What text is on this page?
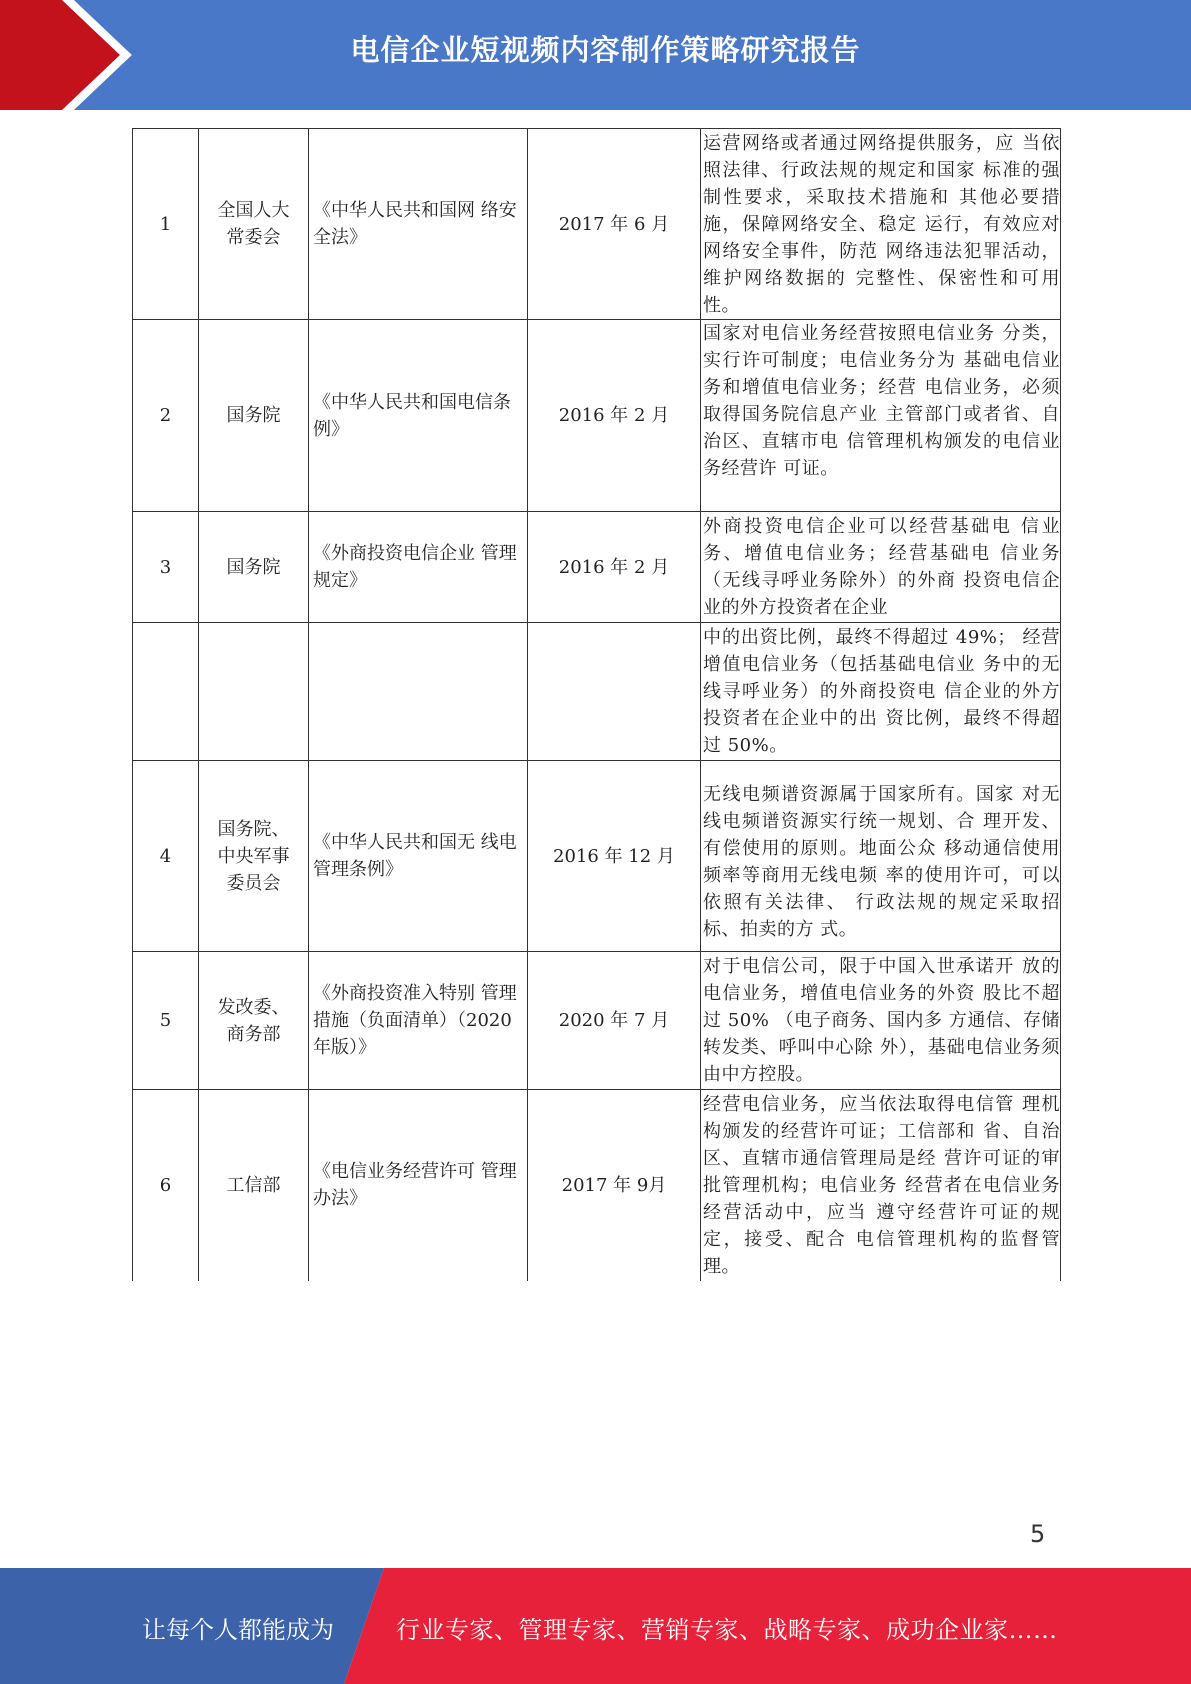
电信企业短视频内容制作策略研究报告
1	全国人大常委会	《中华人民共和国网 络安全法》	2017 年 6 月	运营网络或者通过网络提供服务，应 当依照法律、行政法规的规定和国家 标准的强制性要求，采取技术措施和 其他必要措施，保障网络安全、稳定 运行，有效应对网络安全事件，防范 网络违法犯罪活动，维护网络数据的 完整性、保密性和可用性。

2	国务院	《中华人民共和国电信条例》	2016 年 2 月	国家对电信业务经营按照电信业务 分类，实行许可制度；电信业务分为 基础电信业务和增值电信业务；经营 电信业务，必须取得国务院信息产业 主管部门或者省、自治区、直辖市电 信管理机构颁发的电信业务经营许 可证。

3	国务院	《外商投资电信企业 管理规定》	2016 年 2 月	外商投资电信企业可以经营基础电 信业务、增值电信业务；经营基础电 信业务（无线寻呼业务除外）的外商 投资电信企业的外方投资者在企业

				中的出资比例，最终不得超过 49%； 经营增值电信业务（包括基础电信业 务中的无线寻呼业务）的外商投资电 信企业的外方投资者在企业中的出 资比例，最终不得超过 50%。

4	国务院、中央军事委员会	《中华人民共和国无 线电管理条例》	2016 年 12 月	无线电频谱资源属于国家所有。国家 对无线电频谱资源实行统一规划、合 理开发、有偿使用的原则。地面公众 移动通信使用频率等商用无线电频 率的使用许可，可以依照有关法律、 行政法规的规定采取招标、拍卖的方 式。

5	发改委、商务部	《外商投资准入特别 管理措施（负面清单）（2020 年版）》	2020 年 7 月	对于电信公司，限于中国入世承诺开 放的电信业务，增值电信业务的外资 股比不超过 50% （电子商务、国内多 方通信、存储转发类、呼叫中心除 外），基础电信业务须由中方控股。

6	工信部	《电信业务经营许可 管理办法》	2017 年 9月	经营电信业务，应当依法取得电信管 理机构颁发的经营许可证；工信部和 省、自治区、直辖市通信管理局是经 营许可证的审批管理机构；电信业务 经营者在电信业务经营活动中，应当 遵守经营许可证的规定，接受、配合 电信管理机构的监督管理。
5
让每个人都能成为	行业专家、管理专家、营销专家、战略专家、成功企业家……
